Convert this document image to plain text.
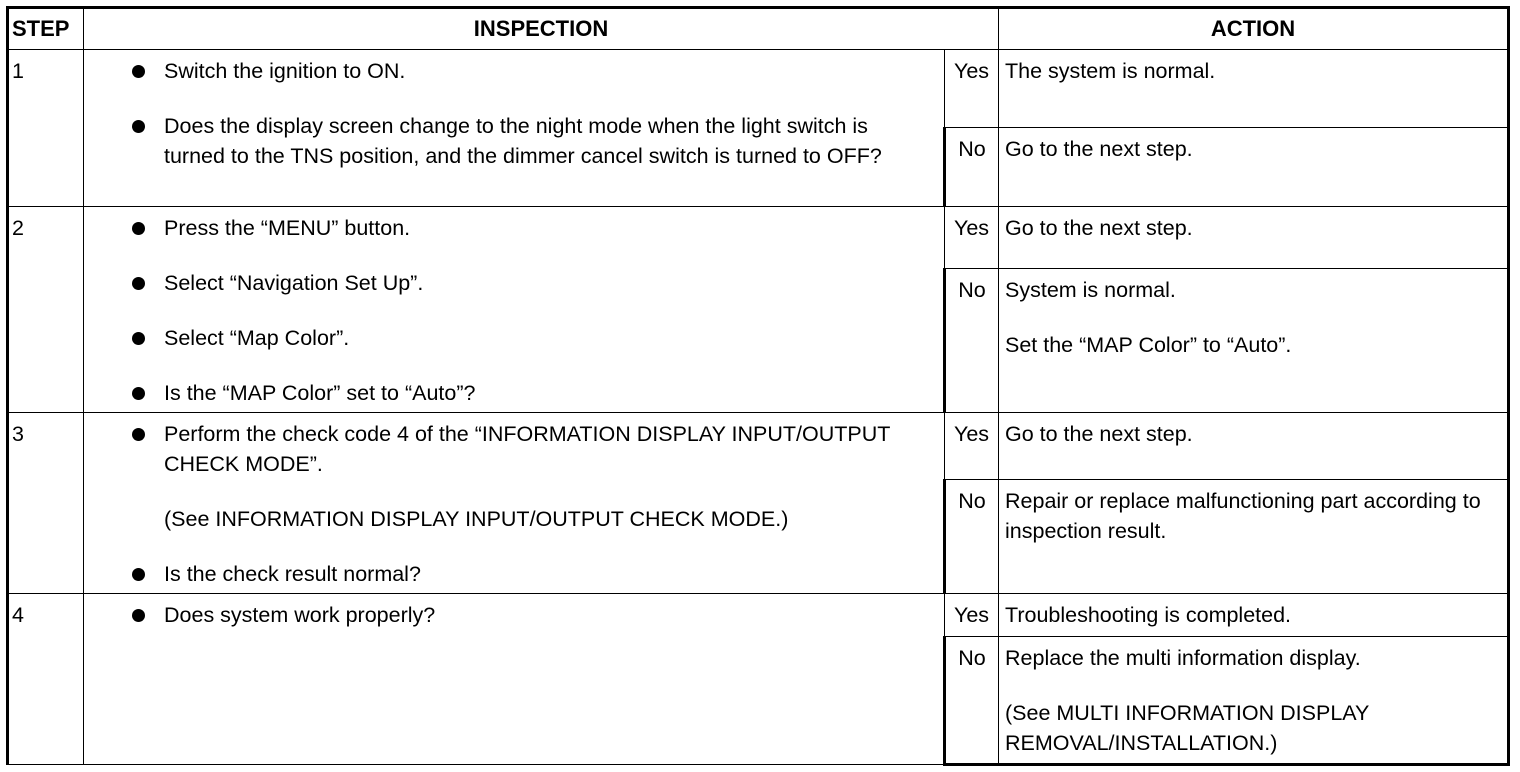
STEP	INSPECTION		ACTION
1	Switch the ignition to ON.
Does the display screen change to the night mode when the light switch is turned to the TNS position, and the dimmer cancel switch is turned to OFF?	Yes	The system is normal.

		No	Go to the next step.

2	Press the “MENU” button.
Select “Navigation Set Up”.
Select “Map Color”.
Is the “MAP Color” set to “Auto”?	Yes	Go to the next step.

		No	System is normal.
Set the “MAP Color” to “Auto”.

3	Perform the check code 4 of the “INFORMATION DISPLAY INPUT/OUTPUT CHECK MODE”.
(See INFORMATION DISPLAY INPUT/OUTPUT CHECK MODE.)
Is the check result normal?	Yes	Go to the next step.

		No	Repair or replace malfunctioning part according to inspection result.

4	Does system work properly?	Yes	Troubleshooting is completed.

		No	Replace the multi information display.
(See MULTI INFORMATION DISPLAY REMOVAL/INSTALLATION.)
